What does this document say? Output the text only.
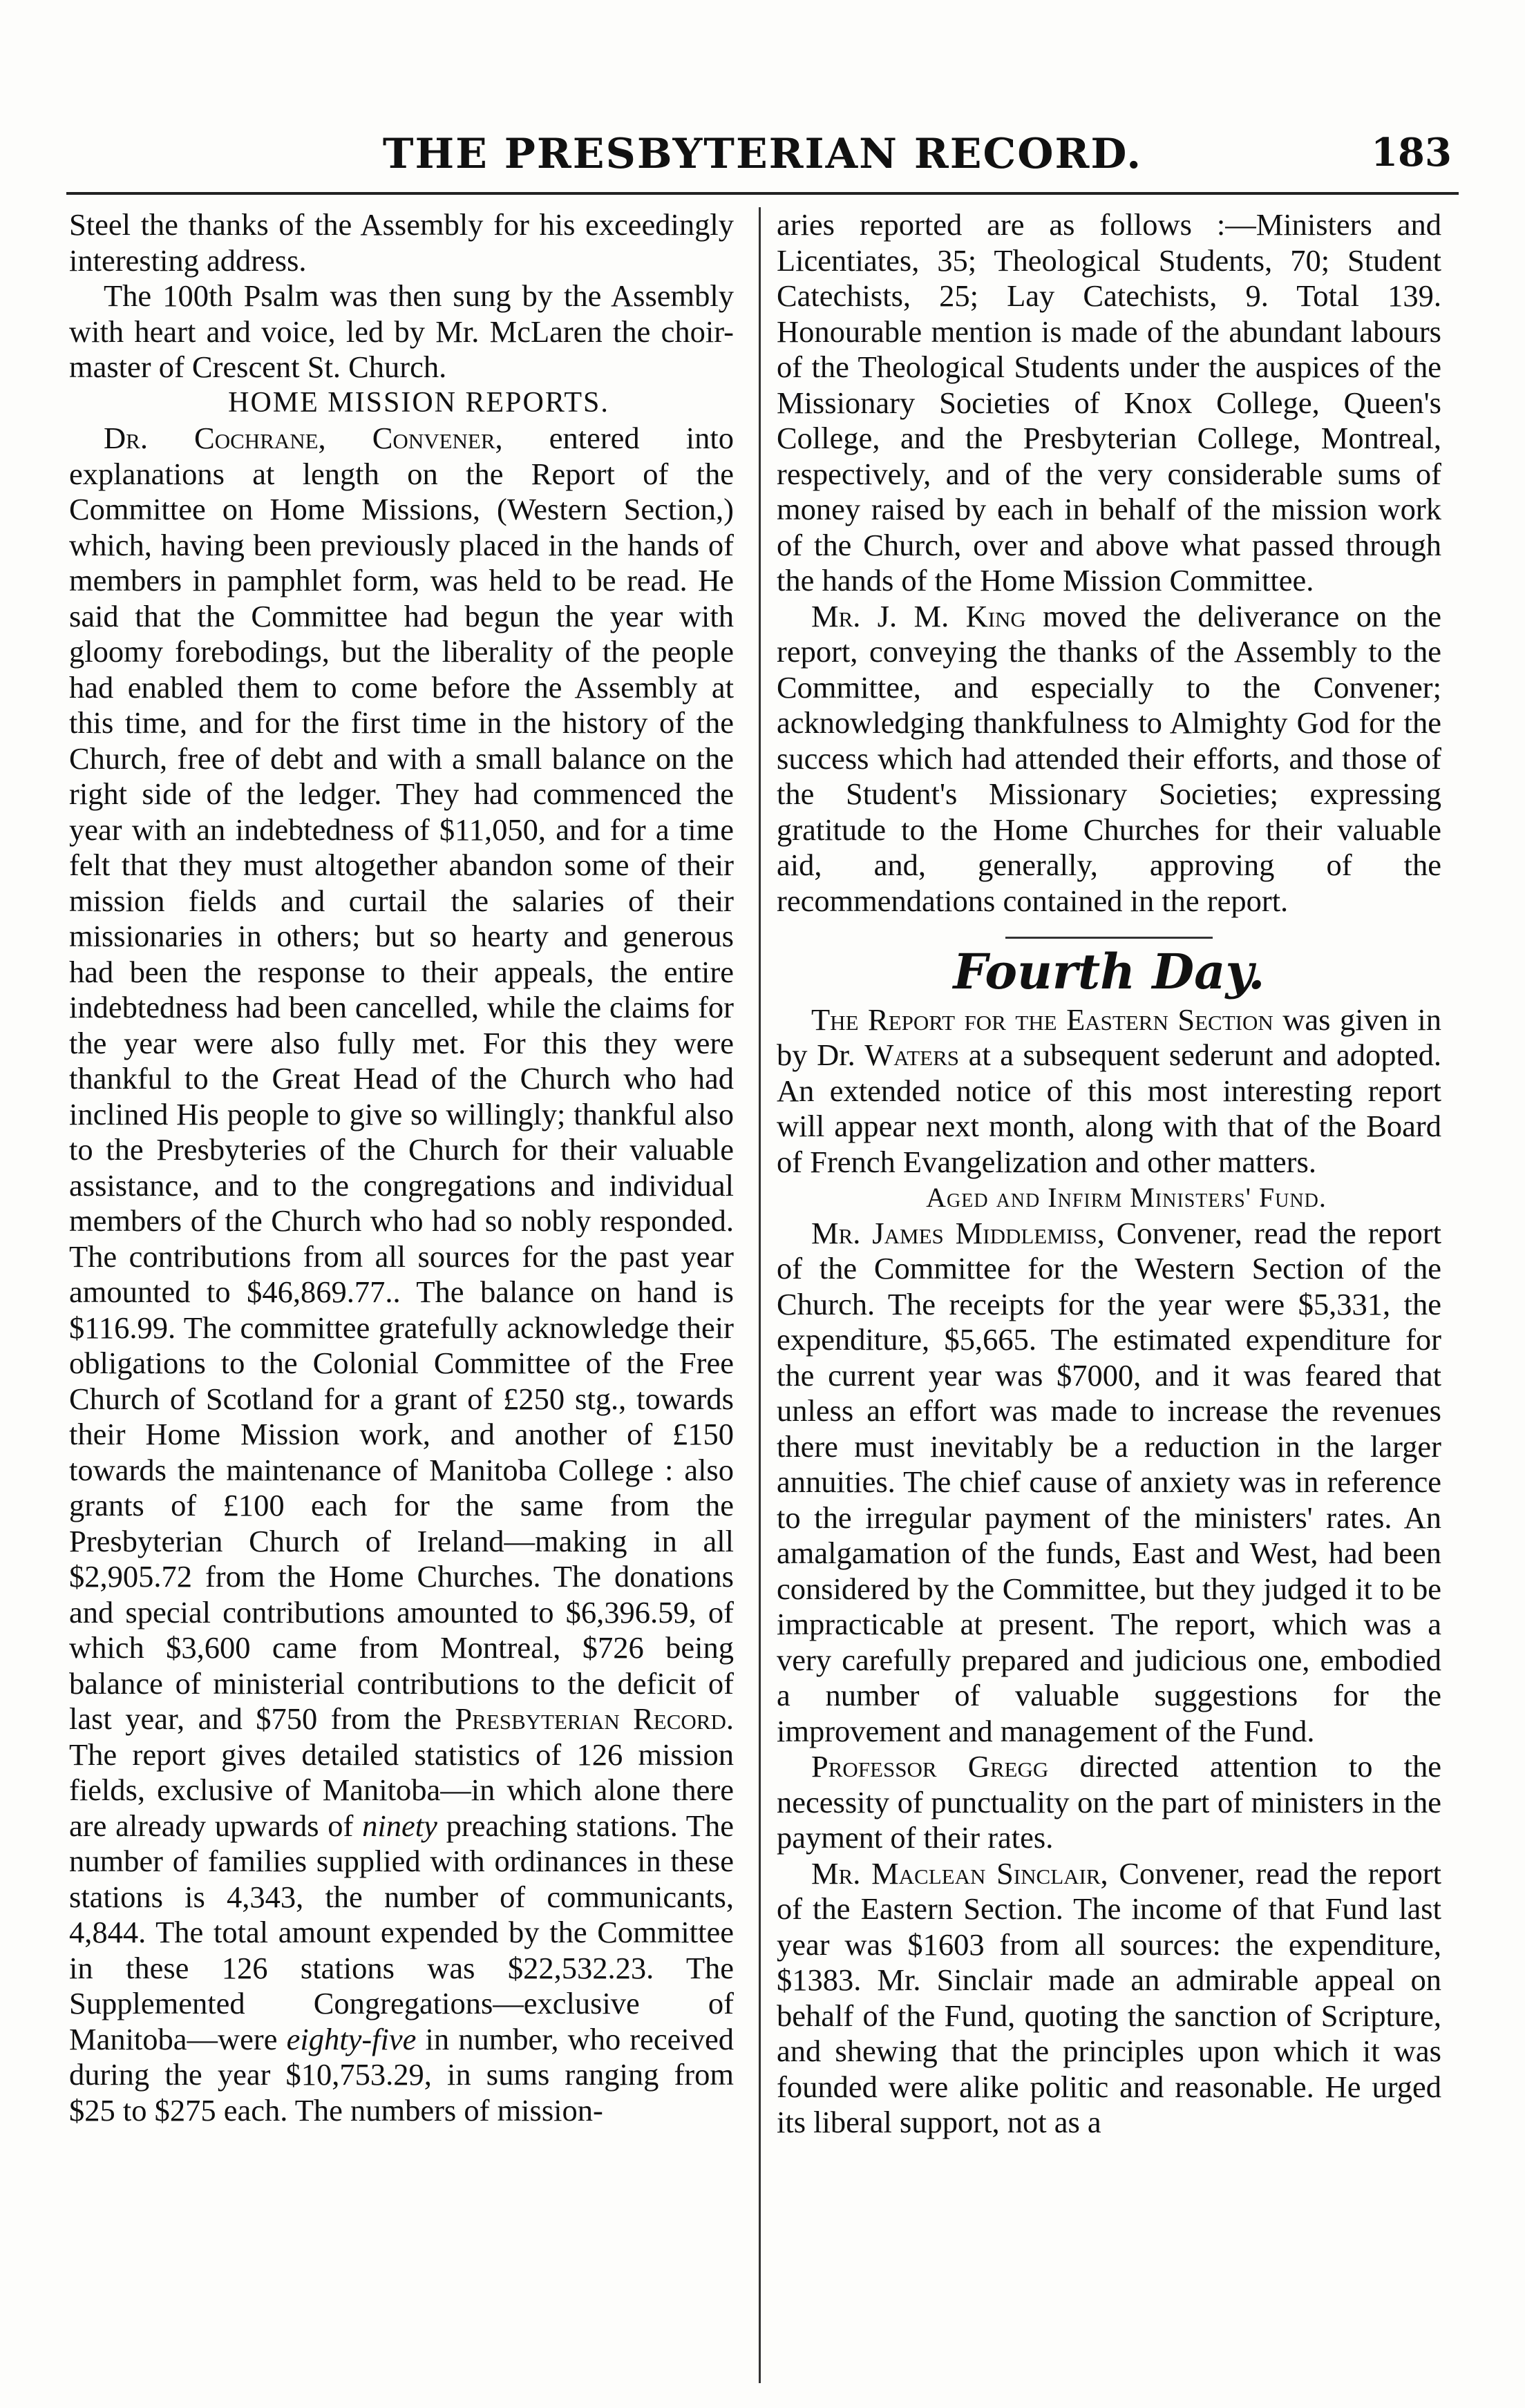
THE PRESBYTERIAN RECORD.	183

Steel the thanks of the Assembly for his exceedingly interesting address.

The 100th Psalm was then sung by the Assembly with heart and voice, led by Mr. McLaren the choir-master of Crescent St. Church.

HOME MISSION REPORTS.

Dr. Cochrane, Convener, entered into explanations at length on the Report of the Committee on Home Missions, (Western Section,) which, having been previously placed in the hands of members in pamphlet form, was held to be read. He said that the Committee had begun the year with gloomy forebodings, but the liberality of the people had enabled them to come before the Assembly at this time, and for the first time in the history of the Church, free of debt and with a small balance on the right side of the ledger. They had commenced the year with an indebtedness of $11,050, and for a time felt that they must altogether abandon some of their mission fields and curtail the salaries of their missionaries in others; but so hearty and generous had been the response to their appeals, the entire indebtedness had been cancelled, while the claims for the year were also fully met. For this they were thankful to the Great Head of the Church who had inclined His people to give so willingly; thankful also to the Presbyteries of the Church for their valuable assistance, and to the congregations and individual members of the Church who had so nobly responded. The contributions from all sources for the past year amounted to $46,869.77.. The balance on hand is $116.99. The committee gratefully acknowledge their obligations to the Colonial Committee of the Free Church of Scotland for a grant of £250 stg., towards their Home Mission work, and another of £150 towards the maintenance of Manitoba College : also grants of £100 each for the same from the Presbyterian Church of Ireland—making in all $2,905.72 from the Home Churches. The donations and special contributions amounted to $6,396.59, of which $3,600 came from Montreal, $726 being balance of ministerial contributions to the deficit of last year, and $750 from the Presbyterian Record. The report gives detailed statistics of 126 mission fields, exclusive of Manitoba—in which alone there are already upwards of ninety preaching stations. The number of families supplied with ordinances in these stations is 4,343, the number of communicants, 4,844. The total amount expended by the Committee in these 126 stations was $22,532.23. The Supplemented Congregations—exclusive of Manitoba—were eighty-five in number, who received during the year $10,753.29, in sums ranging from $25 to $275 each. The numbers of mission-

aries reported are as follows :—Ministers and Licentiates, 35; Theological Students, 70; Student Catechists, 25; Lay Catechists, 9. Total 139. Honourable mention is made of the abundant labours of the Theological Students under the auspices of the Missionary Societies of Knox College, Queen's College, and the Presbyterian College, Montreal, respectively, and of the very considerable sums of money raised by each in behalf of the mission work of the Church, over and above what passed through the hands of the Home Mission Committee.

Mr. J. M. King moved the deliverance on the report, conveying the thanks of the Assembly to the Committee, and especially to the Convener; acknowledging thankfulness to Almighty God for the success which had attended their efforts, and those of the Student's Missionary Societies; expressing gratitude to the Home Churches for their valuable aid, and, generally, approving of the recommendations contained in the report.

Fourth Day.

The Report for the Eastern Section was given in by Dr. Waters at a subsequent sederunt and adopted. An extended notice of this most interesting report will appear next month, along with that of the Board of French Evangelization and other matters.

Aged and Infirm Ministers' Fund.

Mr. James Middlemiss, Convener, read the report of the Committee for the Western Section of the Church. The receipts for the year were $5,331, the expenditure, $5,665. The estimated expenditure for the current year was $7000, and it was feared that unless an effort was made to increase the revenues there must inevitably be a reduction in the larger annuities. The chief cause of anxiety was in reference to the irregular payment of the ministers' rates. An amalgamation of the funds, East and West, had been considered by the Committee, but they judged it to be impracticable at present. The report, which was a very carefully prepared and judicious one, embodied a number of valuable suggestions for the improvement and management of the Fund.

Professor Gregg directed attention to the necessity of punctuality on the part of ministers in the payment of their rates.

Mr. Maclean Sinclair, Convener, read the report of the Eastern Section. The income of that Fund last year was $1603 from all sources: the expenditure, $1383. Mr. Sinclair made an admirable appeal on behalf of the Fund, quoting the sanction of Scripture, and shewing that the principles upon which it was founded were alike politic and reasonable. He urged its liberal support, not as a
